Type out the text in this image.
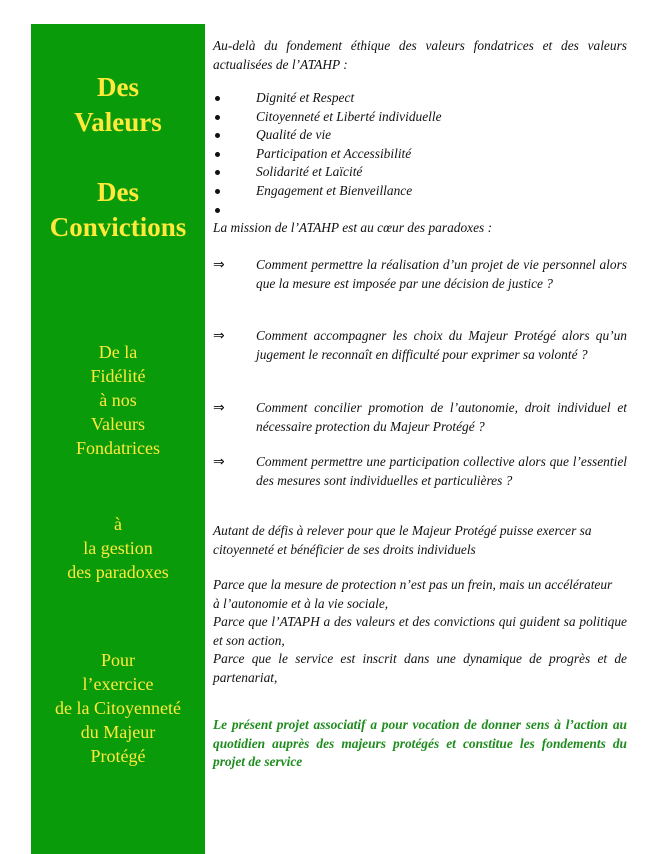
Des
Valeurs
Des
Convictions
De la
Fidélité
à nos
Valeurs
Fondatrices
à
la gestion
des paradoxes
Pour
l’exercice
de la Citoyenneté
du Majeur
Protégé
Au-delà du fondement éthique des valeurs fondatrices et des valeurs actualisées de l’ATAHP :
Dignité et Respect
Citoyenneté et Liberté individuelle
Qualité de vie
Participation et Accessibilité
Solidarité et Laïcité
Engagement et Bienveillance
La mission de l’ATAHP est au cœur des paradoxes :
⇒ Comment permettre la réalisation d’un projet de vie personnel alors que la mesure est imposée par une décision de justice ?
⇒ Comment accompagner les choix du Majeur Protégé alors qu’un jugement le reconnaît en difficulté pour exprimer sa volonté ?
⇒ Comment concilier promotion de l’autonomie, droit individuel et nécessaire protection du Majeur Protégé ?
⇒ Comment permettre une participation collective alors que l’essentiel des mesures sont individuelles et particulières ?
Autant de défis à relever pour que le Majeur Protégé puisse exercer sa citoyenneté et bénéficier de ses droits individuels
Parce que la mesure de protection n’est pas un frein, mais un accélérateur à l’autonomie et à la vie sociale,
Parce que l’ATAPH a des valeurs et des convictions qui guident sa politique et son action,
Parce que le service est inscrit dans une dynamique de progrès et de partenariat,
Le présent projet associatif a pour vocation de donner sens à l’action au quotidien auprès des majeurs protégés et constitue les fondements du projet de service
